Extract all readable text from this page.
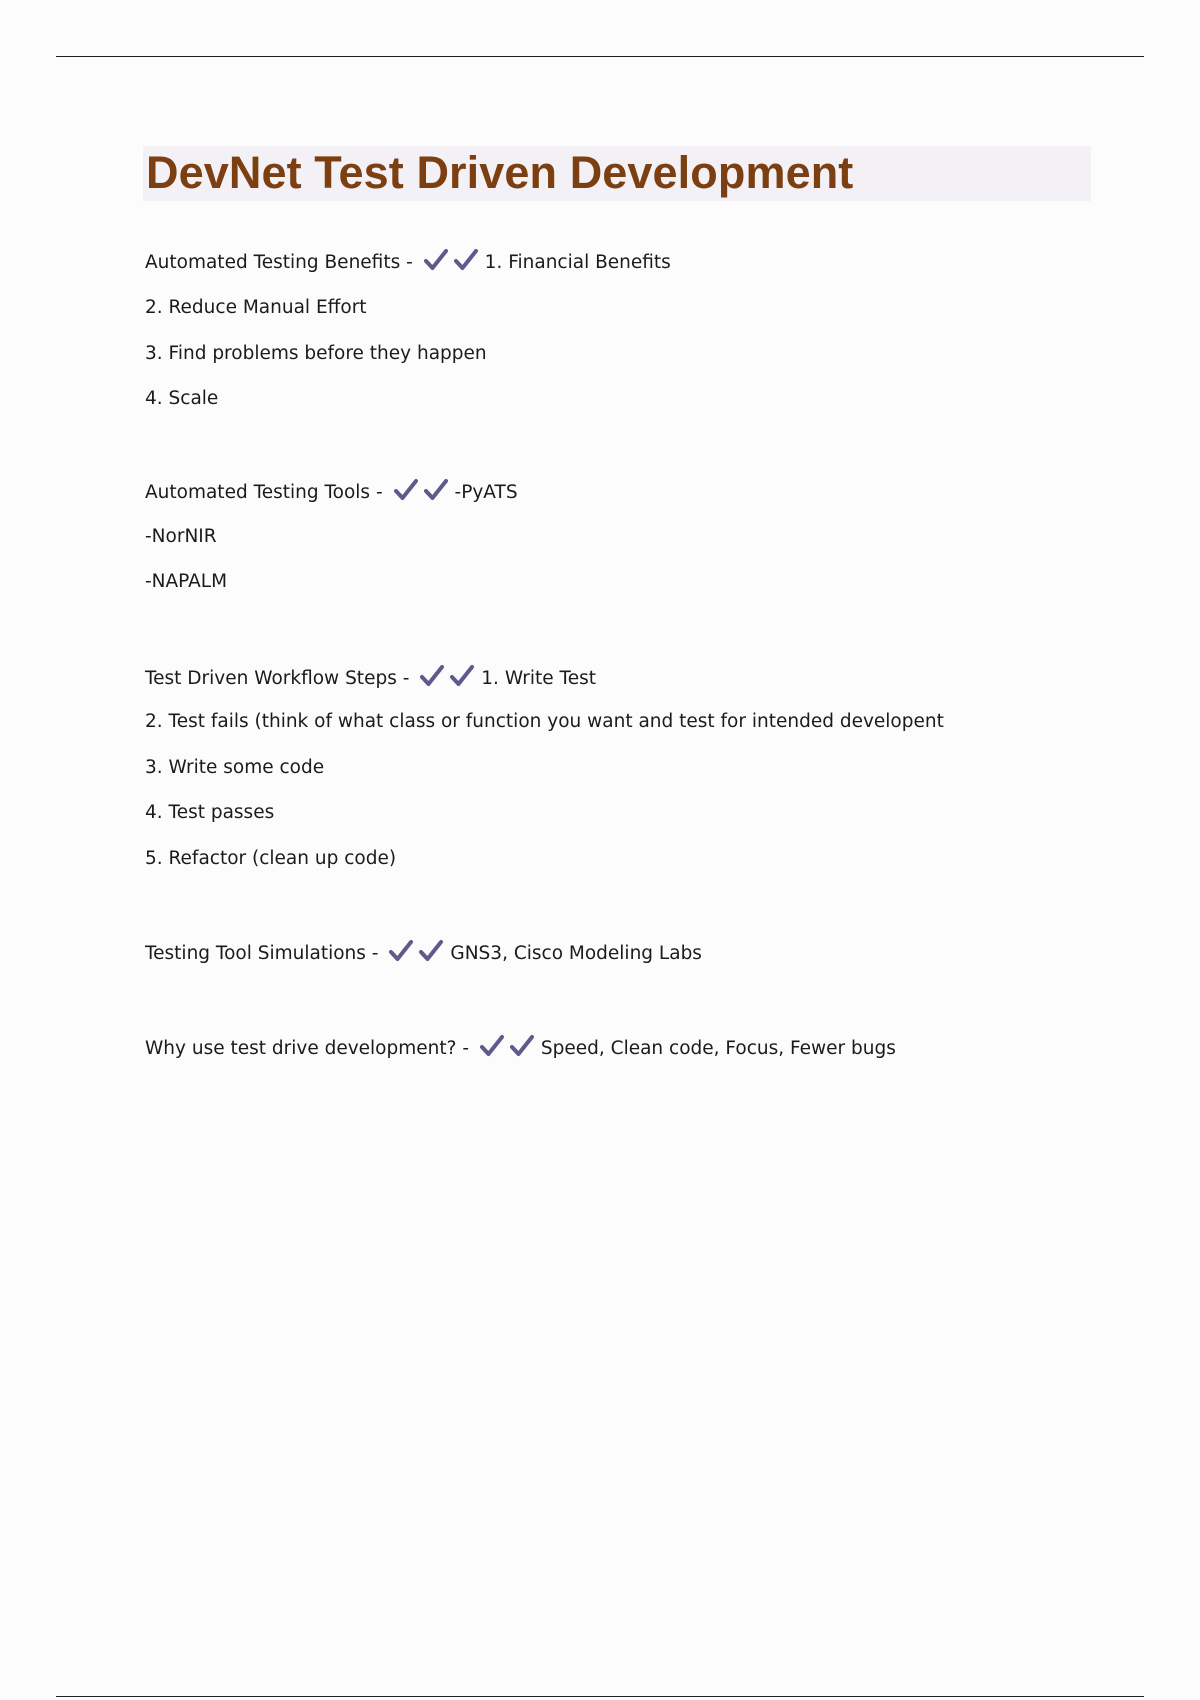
DevNet Test Driven Development
Automated Testing Benefits -	1. Financial Benefits
2. Reduce Manual Effort
3. Find problems before they happen
4. Scale
Automated Testing Tools -	-PyATS
-NorNIR
-NAPALM
Test Driven Workflow Steps -	1. Write Test
2. Test fails (think of what class or function you want and test for intended developent
3. Write some code
4. Test passes
5. Refactor (clean up code)
Testing Tool Simulations -	GNS3, Cisco Modeling Labs
Why use test drive development? -	Speed, Clean code, Focus, Fewer bugs
